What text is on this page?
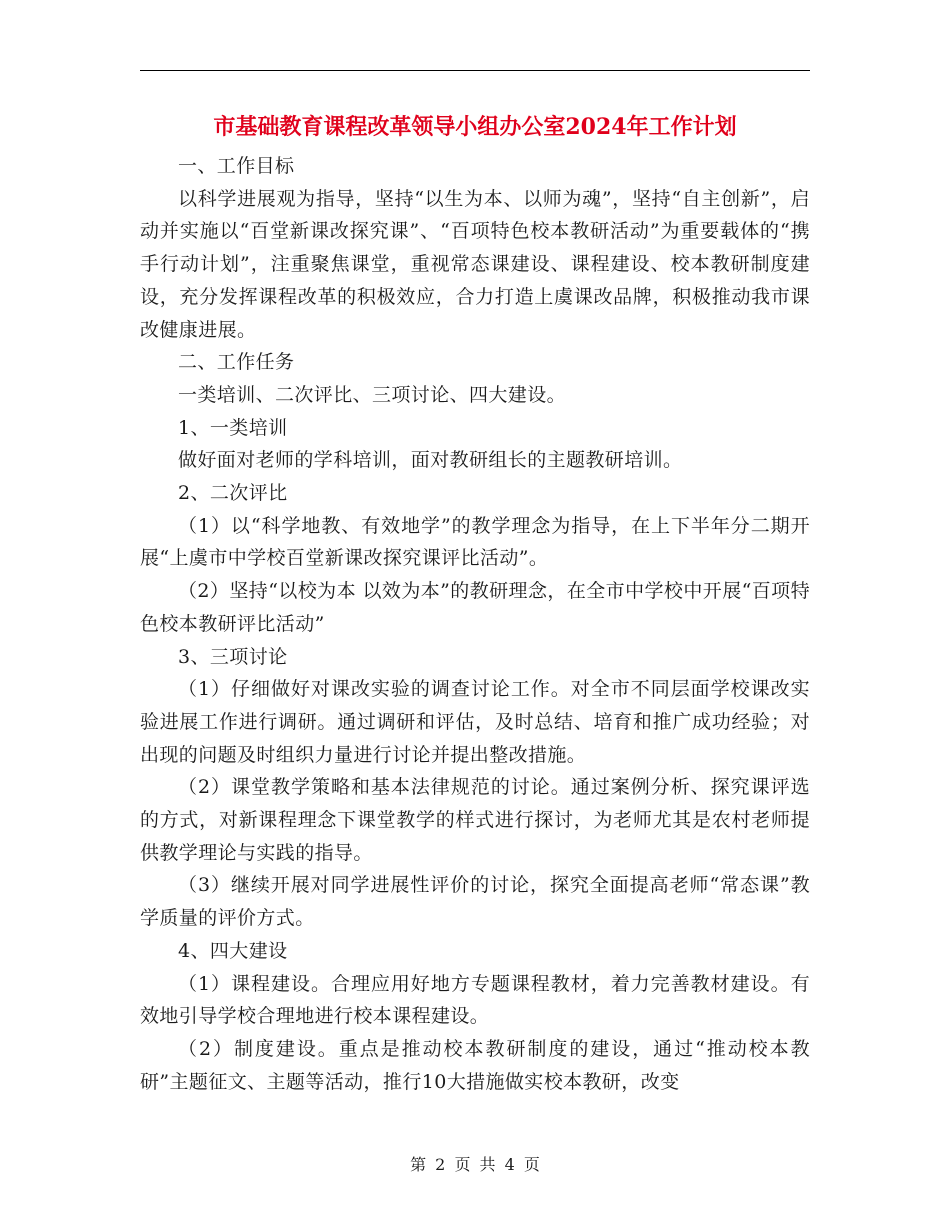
市基础教育课程改革领导小组办公室2024年工作计划

一、工作目标

以科学进展观为指导，坚持“以生为本、以师为魂”，坚持“自主创新”，启动并实施以“百堂新课改探究课”、“百项特色校本教研活动”为重要载体的“携手行动计划”，注重聚焦课堂，重视常态课建设、课程建设、校本教研制度建设，充分发挥课程改革的积极效应，合力打造上虞课改品牌，积极推动我市课改健康进展。

二、工作任务

一类培训、二次评比、三项讨论、四大建设。

1、一类培训

做好面对老师的学科培训，面对教研组长的主题教研培训。

2、二次评比

（1）以“科学地教、有效地学”的教学理念为指导，在上下半年分二期开展“上虞市中学校百堂新课改探究课评比活动”。

（2）坚持“以校为本 以效为本”的教研理念，在全市中学校中开展“百项特色校本教研评比活动”

3、三项讨论

（1）仔细做好对课改实验的调查讨论工作。对全市不同层面学校课改实验进展工作进行调研。通过调研和评估，及时总结、培育和推广成功经验；对出现的问题及时组织力量进行讨论并提出整改措施。

（2）课堂教学策略和基本法律规范的讨论。通过案例分析、探究课评选的方式，对新课程理念下课堂教学的样式进行探讨，为老师尤其是农村老师提供教学理论与实践的指导。

（3）继续开展对同学进展性评价的讨论，探究全面提高老师“常态课”教学质量的评价方式。

4、四大建设

（1）课程建设。合理应用好地方专题课程教材，着力完善教材建设。有效地引导学校合理地进行校本课程建设。

（2）制度建设。重点是推动校本教研制度的建设，通过“推动校本教研”主题征文、主题等活动，推行10大措施做实校本教研，改变

第 2 页 共 4 页
